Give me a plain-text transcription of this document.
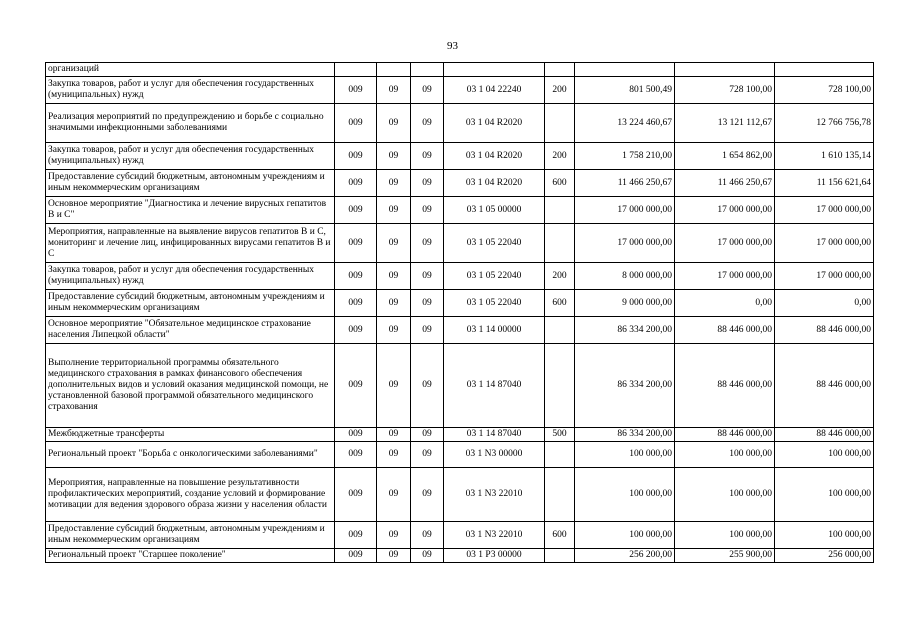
93
организаций								
Закупка товаров, работ и услуг для обеспечения государственных (муниципальных) нужд	009	09	09	03 1 04 22240	200	801 500,49	728 100,00	728 100,00
Реализация мероприятий по предупреждению и борьбе с социально значимыми инфекционными заболеваниями	009	09	09	03 1 04 R2020		13 224 460,67	13 121 112,67	12 766 756,78
Закупка товаров, работ и услуг для обеспечения государственных (муниципальных) нужд	009	09	09	03 1 04 R2020	200	1 758 210,00	1 654 862,00	1 610 135,14
Предоставление субсидий бюджетным, автономным учреждениям и иным некоммерческим организациям	009	09	09	03 1 04 R2020	600	11 466 250,67	11 466 250,67	11 156 621,64
Основное мероприятие "Диагностика и лечение вирусных гепатитов В и С"	009	09	09	03 1 05 00000		17 000 000,00	17 000 000,00	17 000 000,00
Мероприятия, направленные на выявление вирусов гепатитов В и С, мониторинг и лечение лиц, инфицированных вирусами гепатитов В и С	009	09	09	03 1 05 22040		17 000 000,00	17 000 000,00	17 000 000,00
Закупка товаров, работ и услуг для обеспечения государственных (муниципальных) нужд	009	09	09	03 1 05 22040	200	8 000 000,00	17 000 000,00	17 000 000,00
Предоставление субсидий бюджетным, автономным учреждениям и иным некоммерческим организациям	009	09	09	03 1 05 22040	600	9 000 000,00	0,00	0,00
Основное мероприятие "Обязательное медицинское страхование населения Липецкой области"	009	09	09	03 1 14 00000		86 334 200,00	88 446 000,00	88 446 000,00
Выполнение территориальной программы обязательного медицинского страхования в рамках финансового обеспечения дополнительных видов и условий оказания медицинской помощи, не установленной базовой программой обязательного медицинского страхования	009	09	09	03 1 14 87040		86 334 200,00	88 446 000,00	88 446 000,00
Межбюджетные трансферты	009	09	09	03 1 14 87040	500	86 334 200,00	88 446 000,00	88 446 000,00
Региональный проект "Борьба с онкологическими заболеваниями"	009	09	09	03 1 N3 00000		100 000,00	100 000,00	100 000,00
Мероприятия, направленные на повышение результативности профилактических мероприятий, создание условий и формирование мотивации для ведения здорового образа жизни у населения области	009	09	09	03 1 N3 22010		100 000,00	100 000,00	100 000,00
Предоставление субсидий бюджетным, автономным учреждениям и иным некоммерческим организациям	009	09	09	03 1 N3 22010	600	100 000,00	100 000,00	100 000,00
Региональный проект "Старшее поколение"	009	09	09	03 1 P3 00000		256 200,00	255 900,00	256 000,00
